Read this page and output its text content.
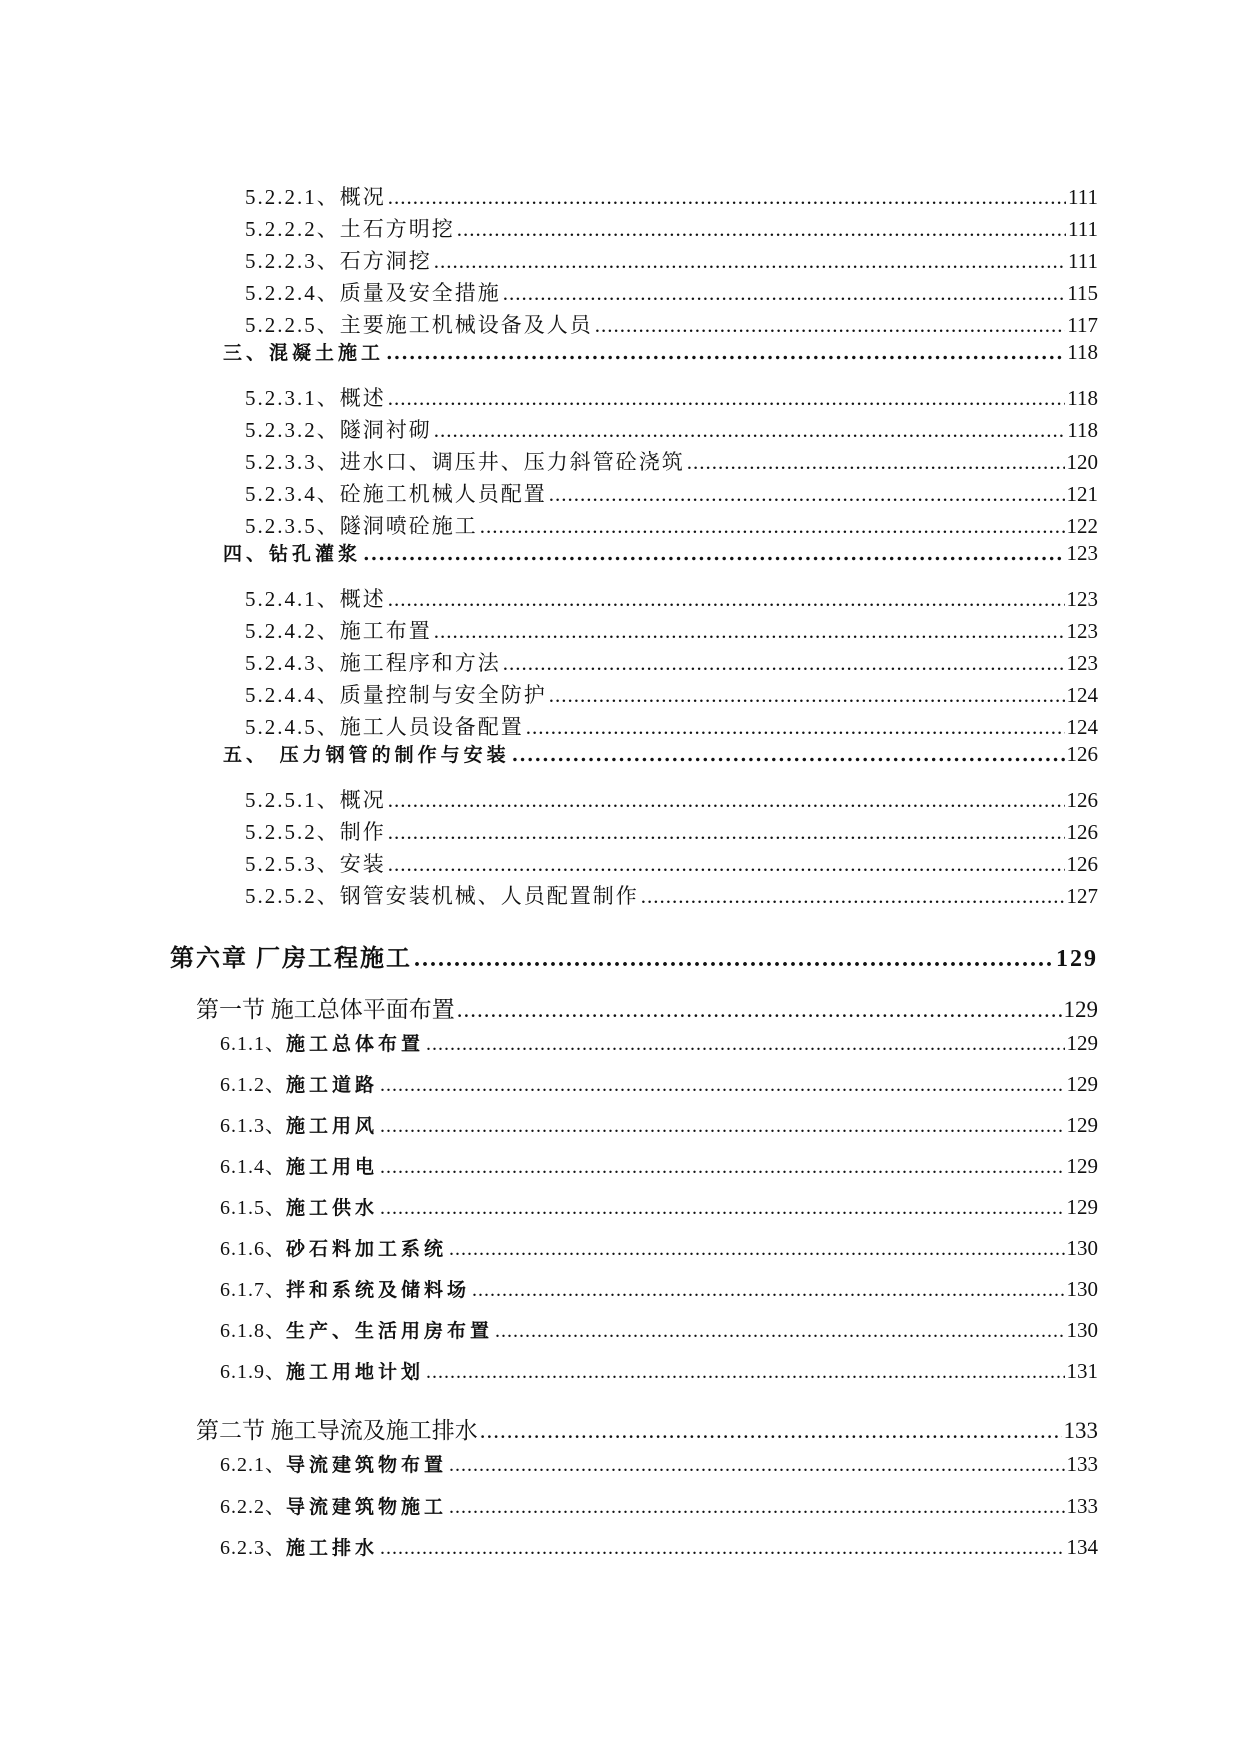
5.2.2.1、概况 .....	111
5.2.2.2、土石方明挖 .....	111
5.2.2.3、石方洞挖 .....	111
5.2.2.4、质量及安全措施 .....	115
5.2.2.5、主要施工机械设备及人员 .....	117
三、混凝土施工 .....	118
5.2.3.1、概述 .....	118
5.2.3.2、隧洞衬砌 .....	118
5.2.3.3、进水口、调压井、压力斜管砼浇筑 .....	120
5.2.3.4、砼施工机械人员配置 .....	121
5.2.3.5、隧洞喷砼施工 .....	122
四、钻孔灌浆 .....	123
5.2.4.1、概述 .....	123
5.2.4.2、施工布置 .....	123
5.2.4.3、施工程序和方法 .....	123
5.2.4.4、质量控制与安全防护 .....	124
5.2.4.5、施工人员设备配置 .....	124
五、 压力钢管的制作与安装 .....	126
5.2.5.1、概况 .....	126
5.2.5.2、制作 .....	126
5.2.5.3、安装 .....	126
5.2.5.2、钢管安装机械、人员配置制作 .....	127
第六章 厂房工程施工 .....	129
第一节 施工总体平面布置 .....	129
6.1.1、施工总体布置 .....	129
6.1.2、施工道路 .....	129
6.1.3、施工用风 .....	129
6.1.4、施工用电 .....	129
6.1.5、施工供水 .....	129
6.1.6、砂石料加工系统 .....	130
6.1.7、拌和系统及储料场 .....	130
6.1.8、生产、生活用房布置 .....	130
6.1.9、施工用地计划 .....	131
第二节 施工导流及施工排水 .....	133
6.2.1、导流建筑物布置 .....	133
6.2.2、导流建筑物施工 .....	133
6.2.3、施工排水 .....	134
